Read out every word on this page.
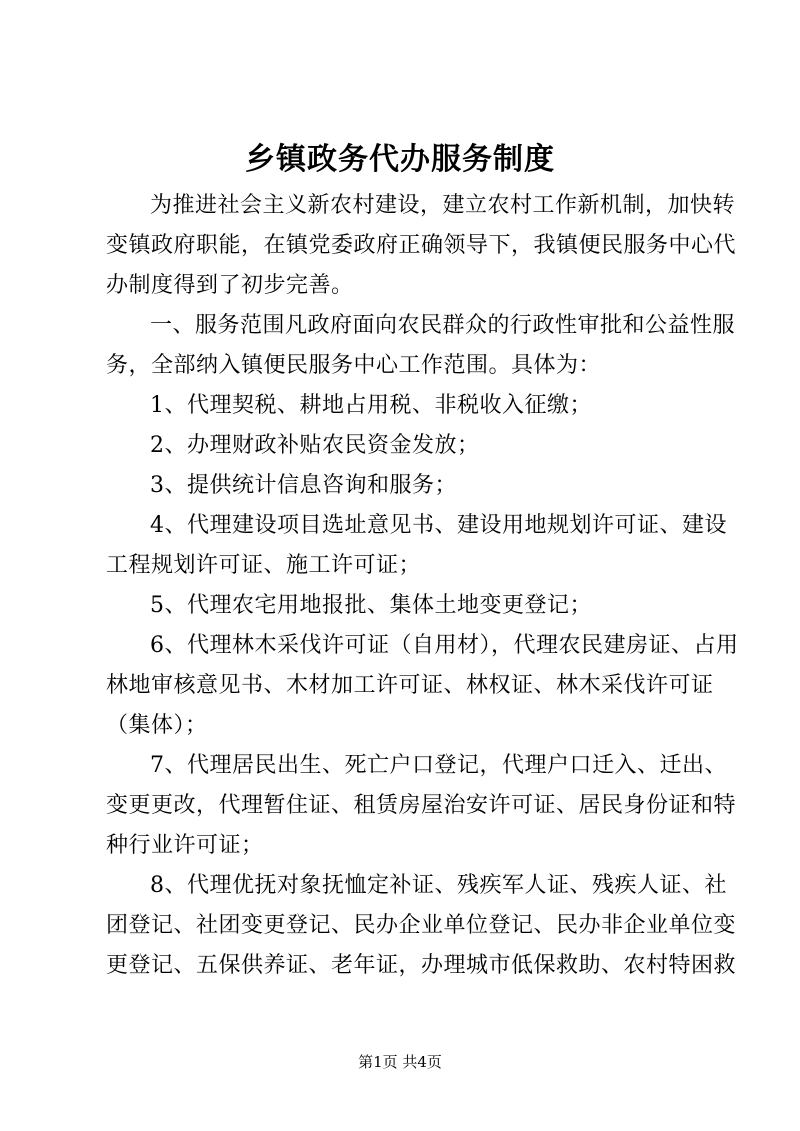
乡镇政务代办服务制度
为推进社会主义新农村建设，建立农村工作新机制，加快转
变镇政府职能，在镇党委政府正确领导下，我镇便民服务中心代
办制度得到了初步完善。
一、服务范围凡政府面向农民群众的行政性审批和公益性服
务，全部纳入镇便民服务中心工作范围。具体为：
1、代理契税、耕地占用税、非税收入征缴；
2、办理财政补贴农民资金发放；
3、提供统计信息咨询和服务；
4、代理建设项目选址意见书、建设用地规划许可证、建设
工程规划许可证、施工许可证；
5、代理农宅用地报批、集体土地变更登记；
6、代理林木采伐许可证（自用材），代理农民建房证、占用
林地审核意见书、木材加工许可证、林权证、林木采伐许可证
（集体）；
7、代理居民出生、死亡户口登记，代理户口迁入、迁出、
变更更改，代理暂住证、租赁房屋治安许可证、居民身份证和特
种行业许可证；
8、代理优抚对象抚恤定补证、残疾军人证、残疾人证、社
团登记、社团变更登记、民办企业单位登记、民办非企业单位变
更登记、五保供养证、老年证，办理城市低保救助、农村特困救
第1页 共4页
